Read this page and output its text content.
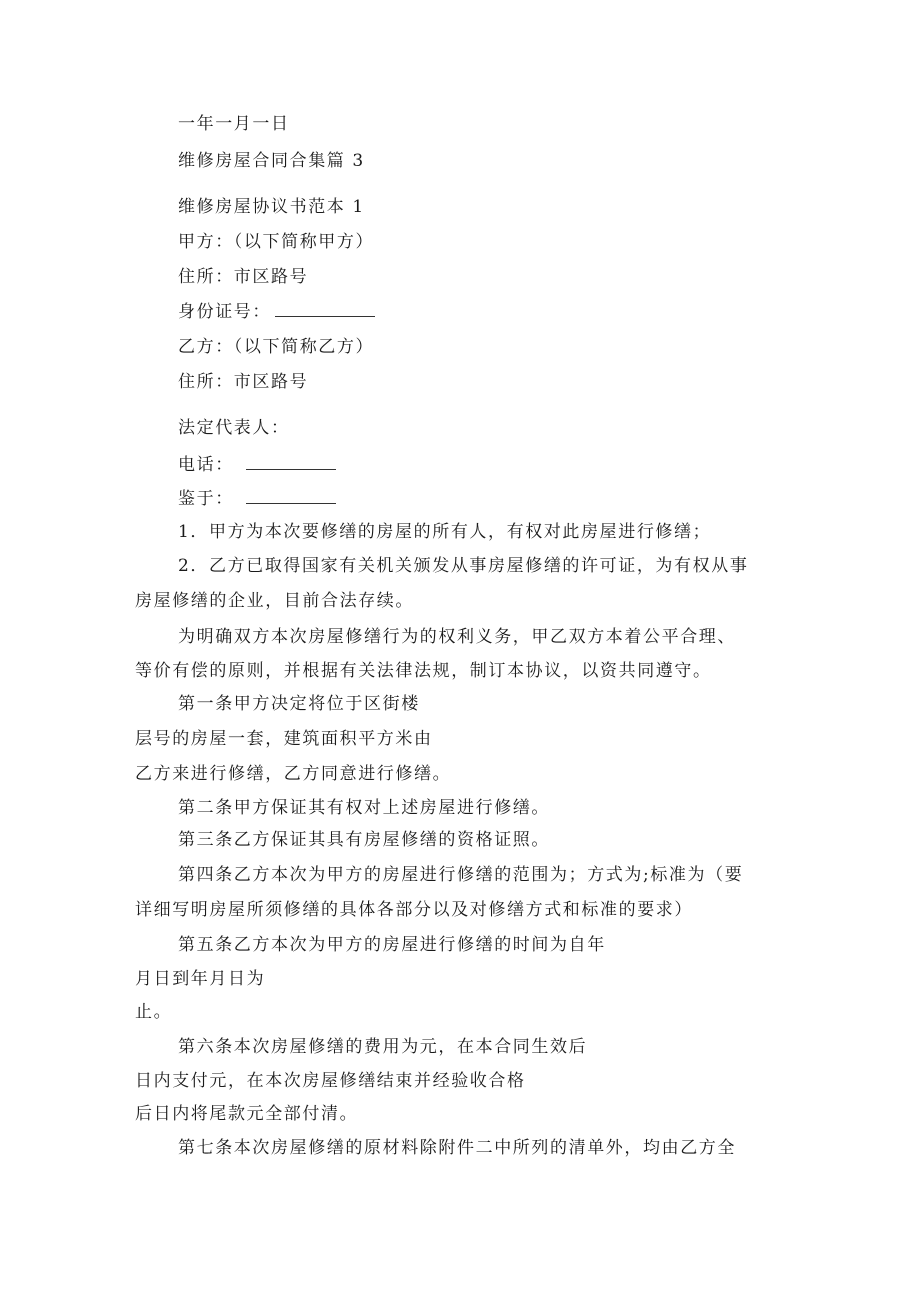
一年一月一日
维修房屋合同合集篇 3
维修房屋协议书范本 1
甲方：（以下简称甲方）
住所：市区路号
身份证号：
乙方：（以下简称乙方）
住所：市区路号
法定代表人：
电话：
鉴于：
1．甲方为本次要修缮的房屋的所有人，有权对此房屋进行修缮；
2．乙方已取得国家有关机关颁发从事房屋修缮的许可证，为有权从事
房屋修缮的企业，目前合法存续。
为明确双方本次房屋修缮行为的权利义务，甲乙双方本着公平合理、
等价有偿的原则，并根据有关法律法规，制订本协议，以资共同遵守。
第一条甲方决定将位于区街楼
层号的房屋一套，建筑面积平方米由
乙方来进行修缮，乙方同意进行修缮。
第二条甲方保证其有权对上述房屋进行修缮。
第三条乙方保证其具有房屋修缮的资格证照。
第四条乙方本次为甲方的房屋进行修缮的范围为；方式为;标准为（要
详细写明房屋所须修缮的具体各部分以及对修缮方式和标准的要求）
第五条乙方本次为甲方的房屋进行修缮的时间为自年
月日到年月日为
止。
第六条本次房屋修缮的费用为元，在本合同生效后
日内支付元，在本次房屋修缮结束并经验收合格
后日内将尾款元全部付清。
第七条本次房屋修缮的原材料除附件二中所列的清单外，均由乙方全
